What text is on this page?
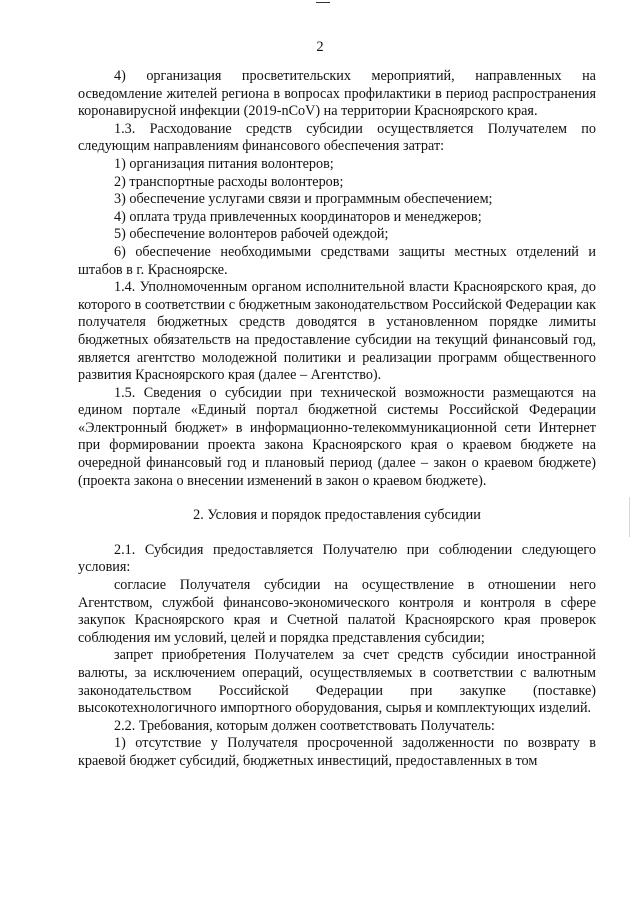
2

4) организация просветительских мероприятий, направленных на осведомление жителей региона в вопросах профилактики в период распространения коронавирусной инфекции (2019-nCoV) на территории Красноярского края.

1.3. Расходование средств субсидии осуществляется Получателем по следующим направлениям финансового обеспечения затрат:

1) организация питания волонтеров;

2) транспортные расходы волонтеров;

3) обеспечение услугами связи и программным обеспечением;

4) оплата труда привлеченных координаторов и менеджеров;

5) обеспечение волонтеров рабочей одеждой;

6) обеспечение необходимыми средствами защиты местных отделений и штабов в г. Красноярске.

1.4. Уполномоченным органом исполнительной власти Красноярского края, до которого в соответствии с бюджетным законодательством Российской Федерации как получателя бюджетных средств доводятся в установленном порядке лимиты бюджетных обязательств на предоставление субсидии на текущий финансовый год, является агентство молодежной политики и реализации программ общественного развития Красноярского края (далее – Агентство).

1.5. Сведения о субсидии при технической возможности размещаются на едином портале «Единый портал бюджетной системы Российской Федерации «Электронный бюджет» в информационно-телекоммуникационной сети Интернет при формировании проекта закона Красноярского края о краевом бюджете на очередной финансовый год и плановый период (далее – закон о краевом бюджете) (проекта закона о внесении изменений в закон о краевом бюджете).

2. Условия и порядок предоставления субсидии

2.1. Субсидия предоставляется Получателю при соблюдении следующего условия:

согласие Получателя субсидии на осуществление в отношении него Агентством, службой финансово-экономического контроля и контроля в сфере закупок Красноярского края и Счетной палатой Красноярского края проверок соблюдения им условий, целей и порядка представления субсидии;

запрет приобретения Получателем за счет средств субсидии иностранной валюты, за исключением операций, осуществляемых в соответствии с валютным законодательством Российской Федерации при закупке (поставке) высокотехнологичного импортного оборудования, сырья и комплектующих изделий.

2.2. Требования, которым должен соответствовать Получатель:

1) отсутствие у Получателя просроченной задолженности по возврату в краевой бюджет субсидий, бюджетных инвестиций, предоставленных в том
